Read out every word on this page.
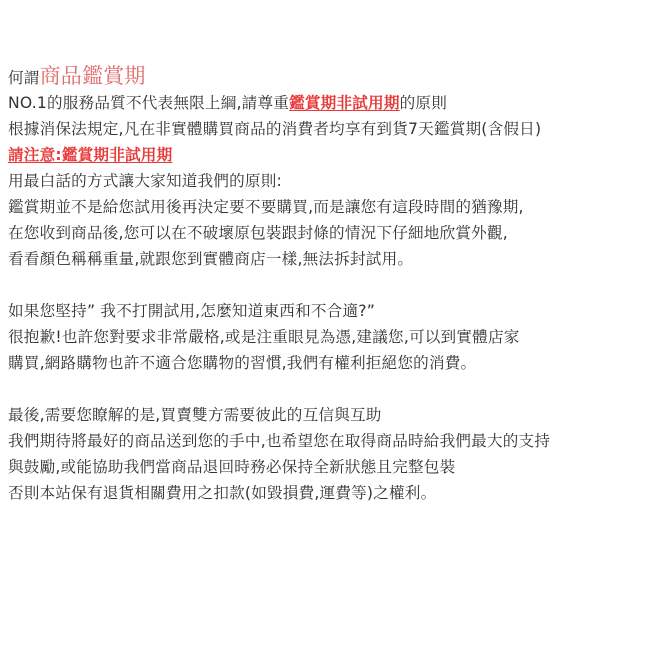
何謂商品鑑賞期
NO.1的服務品質不代表無限上綱,請尊重鑑賞期非試用期的原則
根據消保法規定,凡在非實體購買商品的消費者均享有到貨7天鑑賞期(含假日)
請注意:鑑賞期非試用期
用最白話的方式讓大家知道我們的原則:
鑑賞期並不是給您試用後再決定要不要購買,而是讓您有這段時間的猶豫期,
在您收到商品後,您可以在不破壞原包裝跟封條的情況下仔細地欣賞外觀,
看看顏色稱稱重量,就跟您到實體商店一樣,無法拆封試用。
如果您堅持” 我不打開試用,怎麼知道東西和不合適?”
很抱歉!也許您對要求非常嚴格,或是注重眼見為憑,建議您,可以到實體店家
購買,網路購物也許不適合您購物的習慣,我們有權利拒絕您的消費。
最後,需要您瞭解的是,買賣雙方需要彼此的互信與互助
我們期待將最好的商品送到您的手中,也希望您在取得商品時給我們最大的支持
與鼓勵,或能協助我們當商品退回時務必保持全新狀態且完整包裝
否則本站保有退貨相關費用之扣款(如毀損費,運費等)之權利。
